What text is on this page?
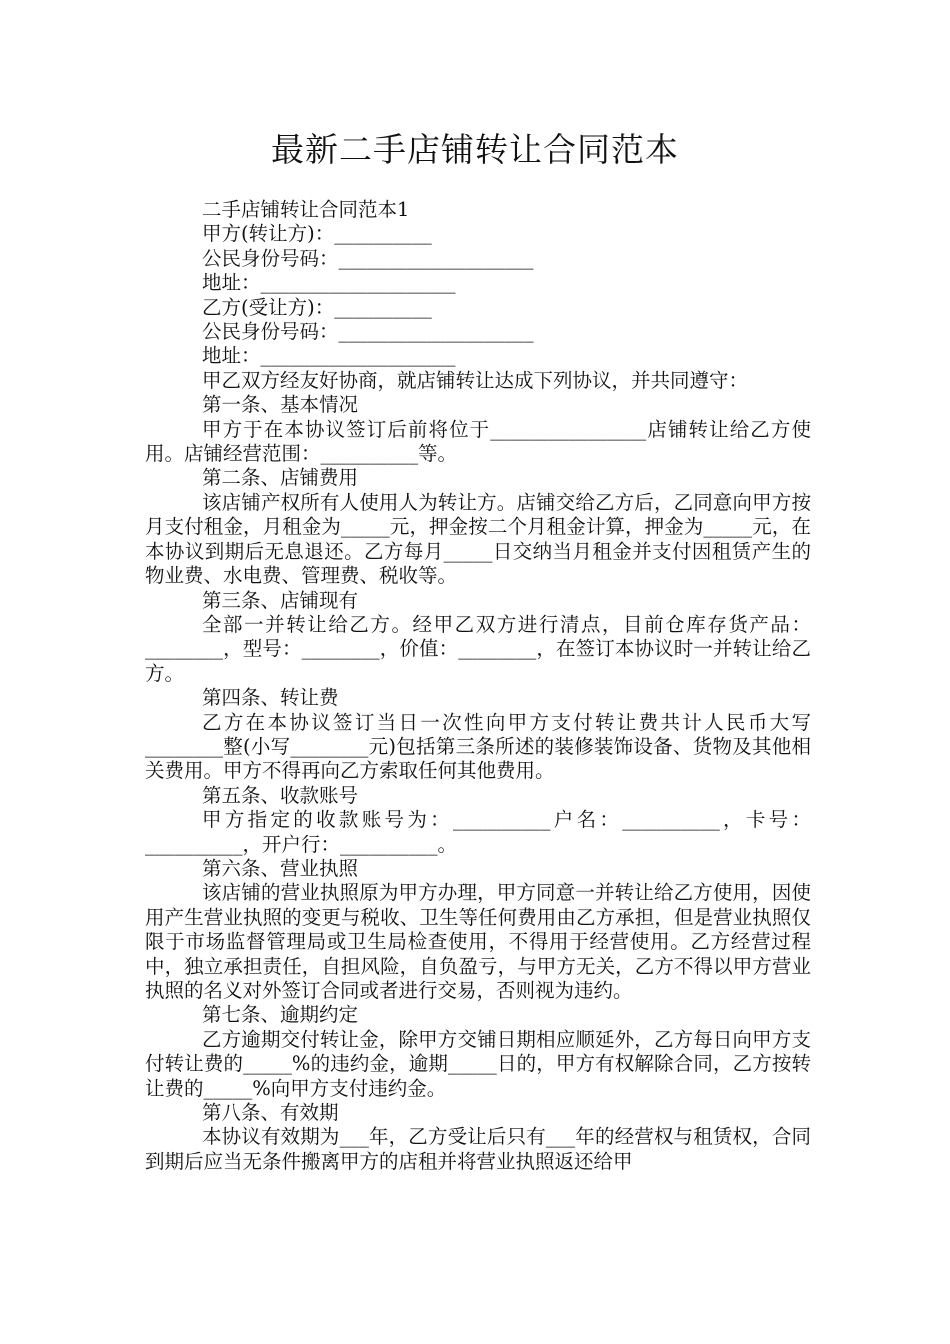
最新二手店铺转让合同范本

二手店铺转让合同范本1

甲方(转让方)：__________

公民身份号码：____________________

地址：____________________

乙方(受让方)：__________

公民身份号码：____________________

地址：____________________

甲乙双方经友好协商，就店铺转让达成下列协议，并共同遵守：

第一条、基本情况

甲方于在本协议签订后前将位于________________店铺转让给乙方使用。店铺经营范围：__________等。

第二条、店铺费用

该店铺产权所有人使用人为转让方。店铺交给乙方后，乙同意向甲方按月支付租金，月租金为_____元，押金按二个月租金计算，押金为_____元，在本协议到期后无息退还。乙方每月_____日交纳当月租金并支付因租赁产生的物业费、水电费、管理费、税收等。

第三条、店铺现有

全部一并转让给乙方。经甲乙双方进行清点，目前仓库存货产品：________，型号：________，价值：________，在签订本协议时一并转让给乙方。

第四条、转让费

乙方在本协议签订当日一次性向甲方支付转让费共计人民币大写________整(小写________元)包括第三条所述的装修装饰设备、货物及其他相关费用。甲方不得再向乙方索取任何其他费用。

第五条、收款账号

甲方指定的收款账号为：__________户名：__________，卡号：__________，开户行：__________。

第六条、营业执照

该店铺的营业执照原为甲方办理，甲方同意一并转让给乙方使用，因使用产生营业执照的变更与税收、卫生等任何费用由乙方承担，但是营业执照仅限于市场监督管理局或卫生局检查使用，不得用于经营使用。乙方经营过程中，独立承担责任，自担风险，自负盈亏，与甲方无关，乙方不得以甲方营业执照的名义对外签订合同或者进行交易，否则视为违约。

第七条、逾期约定

乙方逾期交付转让金，除甲方交铺日期相应顺延外，乙方每日向甲方支付转让费的_____%的违约金，逾期_____日的，甲方有权解除合同，乙方按转让费的_____%向甲方支付违约金。

第八条、有效期

本协议有效期为___年，乙方受让后只有___年的经营权与租赁权，合同到期后应当无条件搬离甲方的店租并将营业执照返还给甲
